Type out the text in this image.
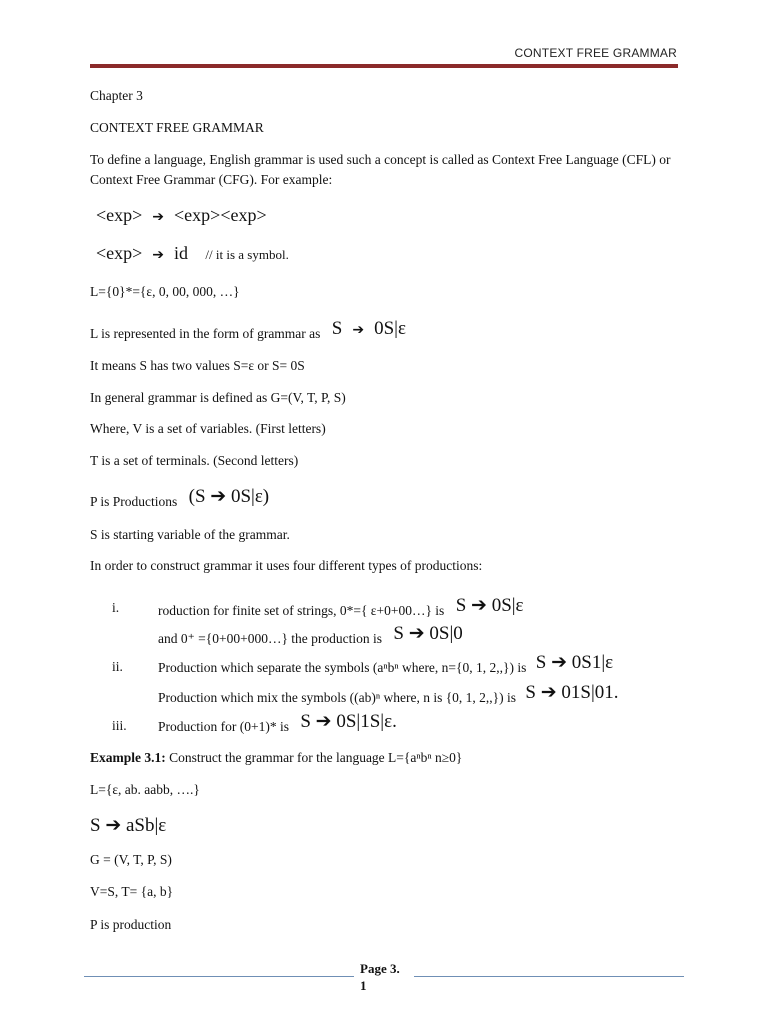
CONTEXT FREE GRAMMAR
Chapter 3
CONTEXT FREE GRAMMAR
To define a language, English grammar is used such a concept is called as Context Free Language (CFL) or Context Free Grammar (CFG). For example:
<exp> ➔ <exp><exp>
<exp> ➔ id // it is a symbol.
L={0}*={ε, 0, 00, 000, …}
L is represented in the form of grammar as S ➔ 0S|ε
It means S has two values S=ε or S= 0S
In general grammar is defined as G=(V, T, P, S)
Where, V is a set of variables. (First letters)
T is a set of terminals. (Second letters)
P is Productions (S ➔ 0S|ε)
S is starting variable of the grammar.
In order to construct grammar it uses four different types of productions:
i.	roduction for finite set of strings, 0*={ ε+0+00…} is S ➔ 0S|ε
and 0⁺ ={0+00+000…} the production is S ➔ 0S|0
ii.	Production which separate the symbols (aⁿbⁿ where, n={0, 1, 2,,}) is S ➔ 0S1|ε
Production which mix the symbols ((ab)ⁿ where, n is {0, 1, 2,,}) is S ➔ 01S|01.
iii. Production for (0+1)* is S ➔ 0S|1S|ε.
Example 3.1: Construct the grammar for the language L={aⁿbⁿ n≥0}
L={ε, ab. aabb, ….}
S ➔ aSb|ε
G = (V, T, P, S)
V=S, T= {a, b}
P is production
Page 3.
1
